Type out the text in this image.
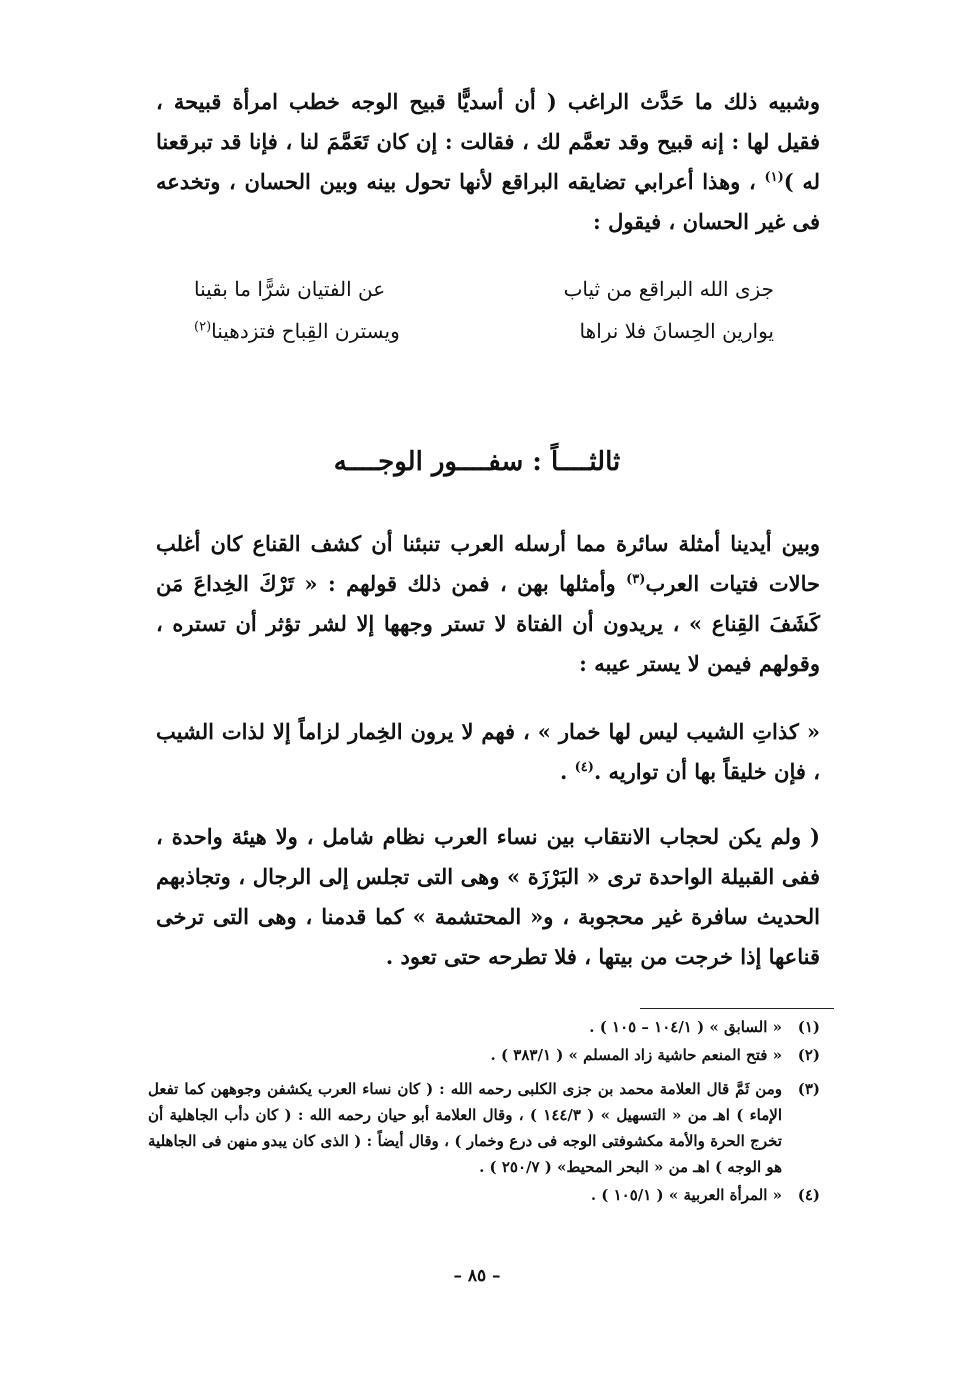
وشبيه ذلك ما حَدَّث الراغب ( أن أسديًّا قبيح الوجه خطب امرأة قبيحة ، فقيل لها : إنه قبيح وقد تعمَّم لك ، فقالت : إن كان تَعَمَّمَ لنا ، فإنا قد تبرقعنا له )$^{(١)}$ ، وهذا أعرابي تضايقه البراقع لأنها تحول بينه وبين الحسان ، وتخدعه فى غير الحسان ، فيقول :
جزى الله البراقع من ثياب
عن الفتيان شرًّا ما بقينا
يوارين الحِسانَ فلا نراها
ويسترن القِباح فتزدهينا$^{(٢)}$
ثالثــــاً : سفــــور الوجــــه
وبين أيدينا أمثلة سائرة مما أرسله العرب تنبئنا أن كشف القناع كان أغلب حالات فتيات العرب$^{(٣)}$ وأمثلها بهن ، فمن ذلك قولهم : « تَرْكَ الخِداعَ مَن كَشَفَ القِناع » ، يريدون أن الفتاة لا تستر وجهها إلا لشر تؤثر أن تستره ، وقولهم فيمن لا يستر عيبه :
« كذاتِ الشيب ليس لها خمار » ، فهم لا يرون الخِمار لزاماً إلا لذات الشيب ، فإن خليقاً بها أن تواريه .$^{(٤)}$ .
( ولم يكن لحجاب الانتقاب بين نساء العرب نظام شامل ، ولا هيئة واحدة ، ففى القبيلة الواحدة ترى « البَرْزَة » وهى التى تجلس إلى الرجال ، وتجاذبهم الحديث سافرة غير محجوبة ، و« المحتشمة » كما قدمنا ، وهى التى ترخى قناعها إذا خرجت من بيتها ، فلا تطرحه حتى تعود .
(١)
« السابق » ( ١٠٤/١ – ١٠٥ ) .
(٢)
« فتح المنعم حاشية زاد المسلم » ( ٣٨٣/١ ) .
(٣)
ومن ثَمَّ قال العلامة محمد بن جزى الكلبى رحمه الله : ( كان نساء العرب يكشفن وجوههن كما تفعل الإماء ) اهـ من « التسهيل » ( ١٤٤/٣ ) ، وقال العلامة أبو حيان رحمه الله : ( كان دأب الجاهلية أن تخرج الحرة والأمة مكشوفتى الوجه فى درع وخمار ) ، وقال أيضاً : ( الذى كان يبدو منهن فى الجاهلية هو الوجه ) اهـ من « البحر المحيط» ( ٢٥٠/٧ ) .
(٤)
« المرأة العربية » ( ١٠٥/١ ) .
– ٨٥ –
